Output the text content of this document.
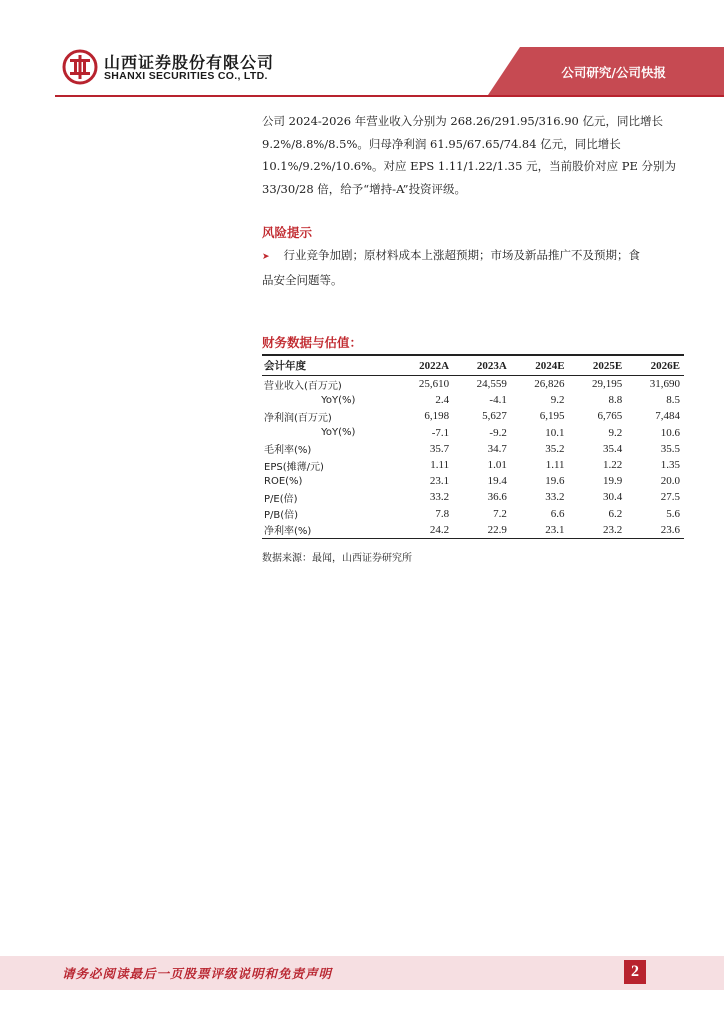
山西证券股份有限公司
SHANXI SECURITIES CO., LTD.	公司研究/公司快报
公司 2024-2026 年营业收入分别为 268.26/291.95/316.90 亿元，同比增长
9.2%/8.8%/8.5%。归母净利润 61.95/67.65/74.84 亿元，同比增长
10.1%/9.2%/10.6%。对应 EPS 1.11/1.22/1.35 元，当前股价对应 PE 分别为
33/30/28 倍，给予“增持-A”投资评级。
风险提示
➤ 行业竞争加剧；原材料成本上涨超预期；市场及新品推广不及预期；食
品安全问题等。
财务数据与估值：
会计年度	2022A	2023A	2024E	2025E	2026E
营业收入(百万元)	25,610	24,559	26,826	29,195	31,690
YoY(%)	2.4	-4.1	9.2	8.8	8.5
净利润(百万元)	6,198	5,627	6,195	6,765	7,484
YoY(%)	-7.1	-9.2	10.1	9.2	10.6
毛利率(%)	35.7	34.7	35.2	35.4	35.5
EPS(摊薄/元)	1.11	1.01	1.11	1.22	1.35
ROE(%)	23.1	19.4	19.6	19.9	20.0
P/E(倍)	33.2	36.6	33.2	30.4	27.5
P/B(倍)	7.8	7.2	6.6	6.2	5.6
净利率(%)	24.2	22.9	23.1	23.2	23.6
数据来源：最闻，山西证券研究所
请务必阅读最后一页股票评级说明和免责声明	2
